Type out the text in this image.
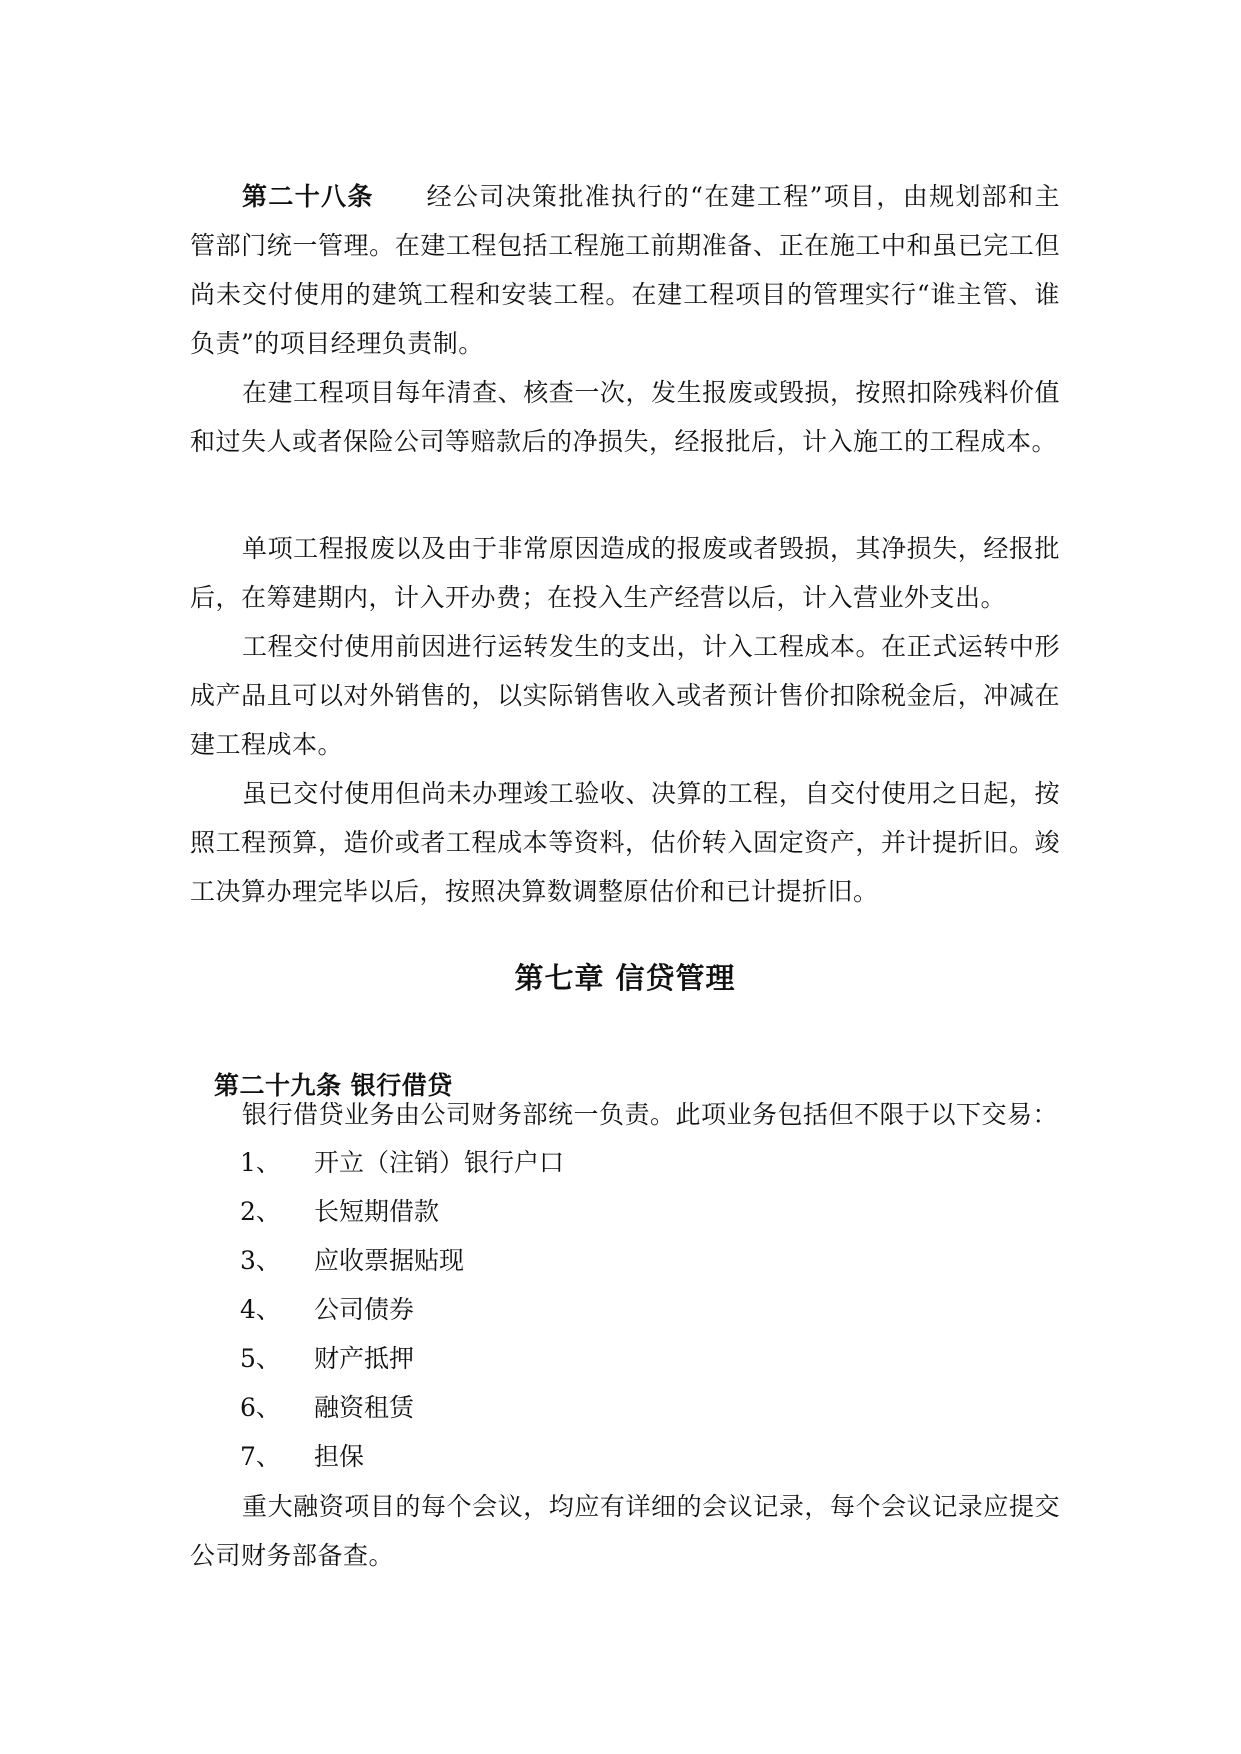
第二十八条 经公司决策批准执行的“在建工程”项目，由规划部和主管部门统一管理。在建工程包括工程施工前期准备、正在施工中和虽已完工但尚未交付使用的建筑工程和安装工程。在建工程项目的管理实行“谁主管、谁负责”的项目经理负责制。

在建工程项目每年清查、核查一次，发生报废或毁损，按照扣除残料价值和过失人或者保险公司等赔款后的净损失，经报批后，计入施工的工程成本。

单项工程报废以及由于非常原因造成的报废或者毁损，其净损失，经报批后，在筹建期内，计入开办费；在投入生产经营以后，计入营业外支出。

工程交付使用前因进行运转发生的支出，计入工程成本。在正式运转中形成产品且可以对外销售的，以实际销售收入或者预计售价扣除税金后，冲减在建工程成本。

虽已交付使用但尚未办理竣工验收、决算的工程，自交付使用之日起，按照工程预算，造价或者工程成本等资料，估价转入固定资产，并计提折旧。竣工决算办理完毕以后，按照决算数调整原估价和已计提折旧。

第七章 信贷管理
第二十九条 银行借贷

银行借贷业务由公司财务部统一负责。此项业务包括但不限于以下交易：

1、 开立（注销）银行户口
2、 长短期借款
3、 应收票据贴现
4、 公司债券
5、 财产抵押
6、 融资租赁
7、 担保

重大融资项目的每个会议，均应有详细的会议记录，每个会议记录应提交公司财务部备查。
